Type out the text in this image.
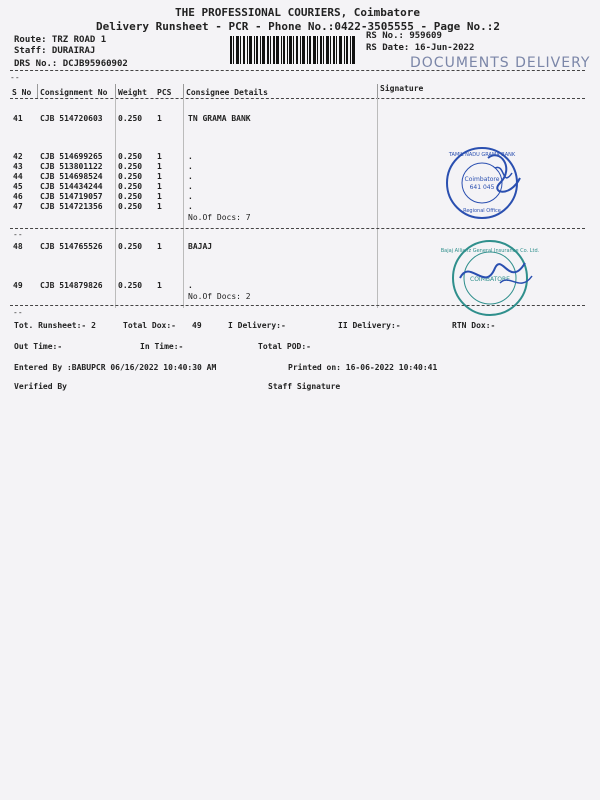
THE PROFESSIONAL COURIERS, Coimbatore
Delivery Runsheet - PCR - Phone No.:0422-3505555 - Page No.:2
Route: TRZ ROAD 1
Staff: DURAIRAJ
DRS No.: DCJB95960902
RS No.: 959609
RS Date: 16-Jun-2022
DOCUMENTS DELIVERY
--
S No Consignment No Weight PCS Consignee Details	Signature
41 CJB 514720603 0.250 1	TN GRAMA BANK
42 CJB 514699265 0.250 1	.
43 CJB 513801122 0.250 1	.
44 CJB 514698524 0.250 1	.
45 CJB 514434244 0.250 1	.
46 CJB 514719057 0.250 1	.
47 CJB 514721356 0.250 1	.
No.Of Docs: 7
--
48 CJB 514765526 0.250 1	BAJAJ
49 CJB 514879826 0.250 1	.
No.Of Docs: 2
--
Tot. Runsheet:- 2	Total Dox:- 49	I Delivery:-	II Delivery:-	RTN Dox:-
Out Time:-	In Time:-	Total POD:-
Entered By :BABUPCR 06/16/2022 10:40:30 AM	Printed on: 16-06-2022 10:40:41
Verified By	Staff Signature
Coimbatore
641 045
Regional Office
TAMIL NADU GRAMA BANK
Bajaj Allianz General Insurance Co. Ltd.
COIMBATORE
